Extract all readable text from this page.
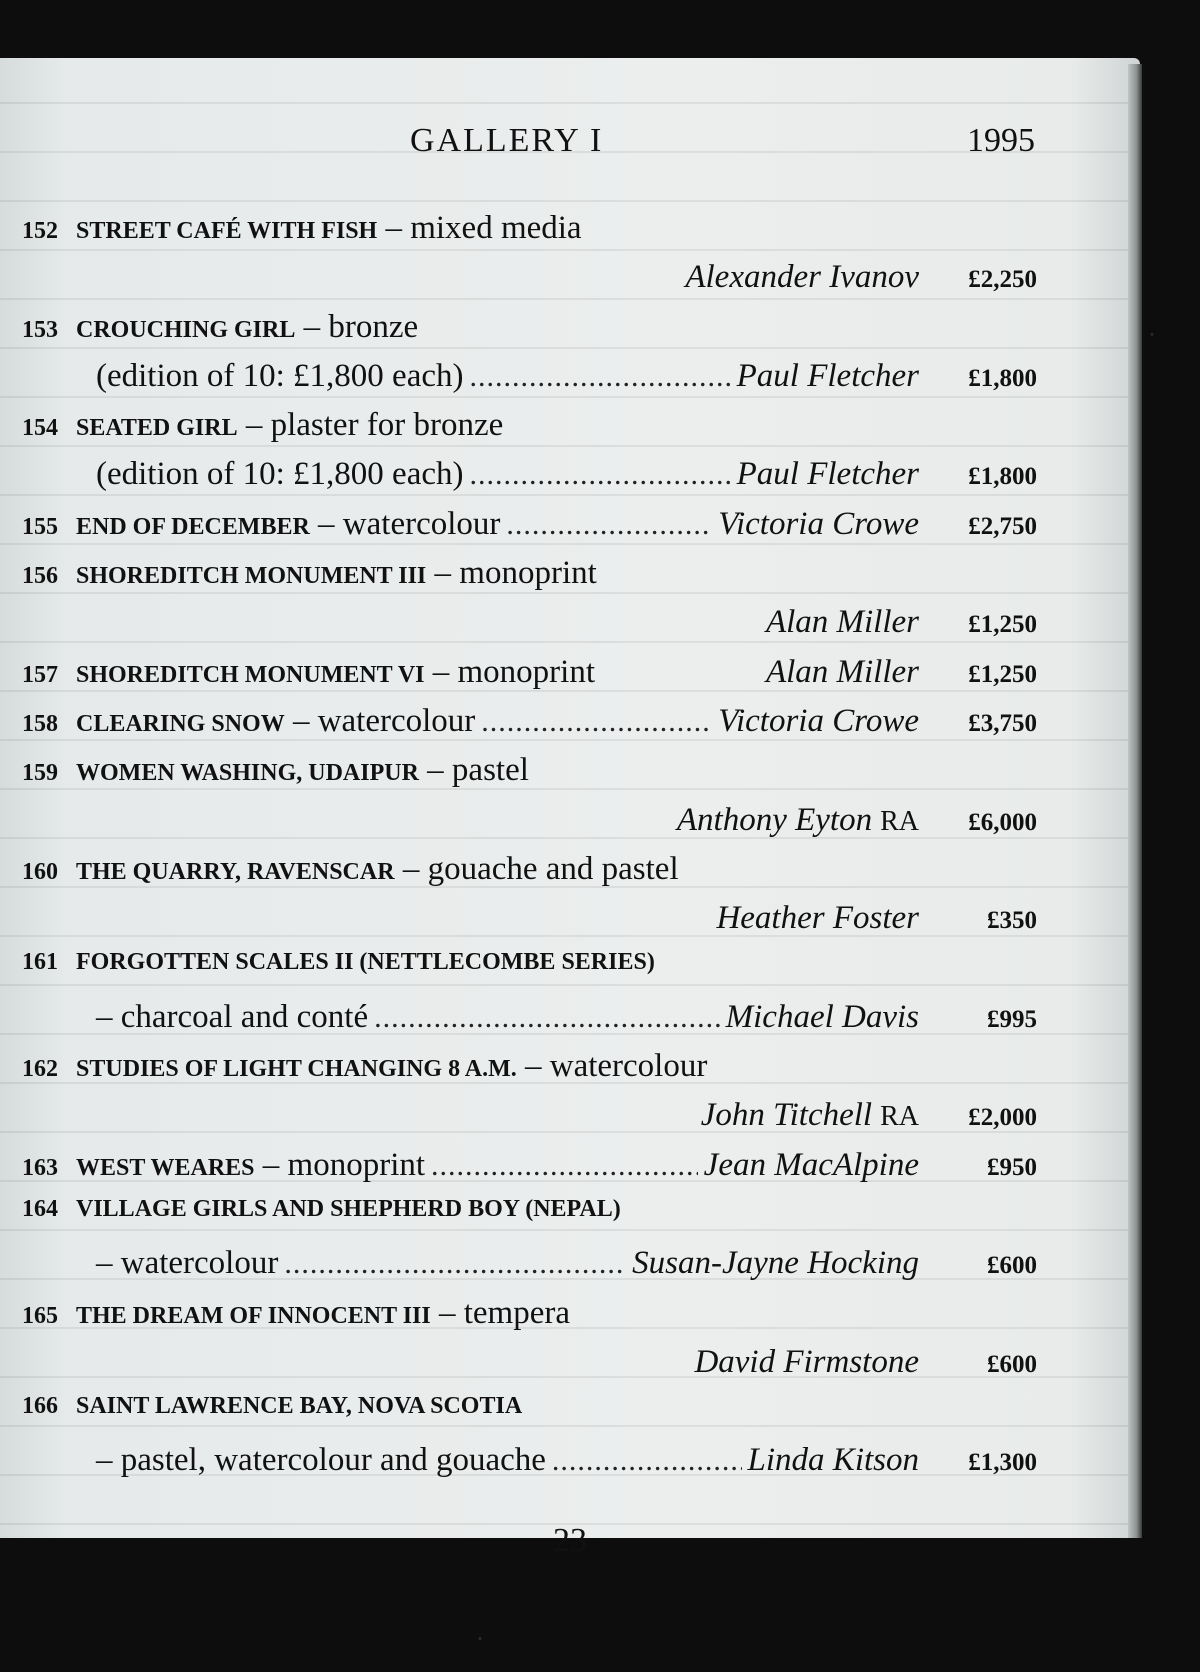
GALLERY I	1995
152 STREET CAFÉ WITH FISH – mixed media
Alexander Ivanov	£2,250
153 CROUCHING GIRL – bronze
(edition of 10: £1,800 each) .....	Paul Fletcher	£1,800
154 SEATED GIRL – plaster for bronze
(edition of 10: £1,800 each) .....	Paul Fletcher	£1,800
155 END OF DECEMBER – watercolour .....	Victoria Crowe	£2,750
156 SHOREDITCH MONUMENT III – monoprint
Alan Miller	£1,250
157 SHOREDITCH MONUMENT VI – monoprint	Alan Miller	£1,250
158 CLEARING SNOW – watercolour .....	Victoria Crowe	£3,750
159 WOMEN WASHING, UDAIPUR – pastel
Anthony Eyton RA	£6,000
160 THE QUARRY, RAVENSCAR – gouache and pastel
Heather Foster	£350
161 FORGOTTEN SCALES II (NETTLECOMBE SERIES)
– charcoal and conté .....	Michael Davis	£995
162 STUDIES OF LIGHT CHANGING 8 A.M. – watercolour
John Titchell RA	£2,000
163 WEST WEARES – monoprint .....	Jean MacAlpine	£950
164 VILLAGE GIRLS AND SHEPHERD BOY (NEPAL)
– watercolour .....	Susan-Jayne Hocking	£600
165 THE DREAM OF INNOCENT III – tempera
David Firmstone	£600
166 SAINT LAWRENCE BAY, NOVA SCOTIA
– pastel, watercolour and gouache .....	Linda Kitson	£1,300
23
